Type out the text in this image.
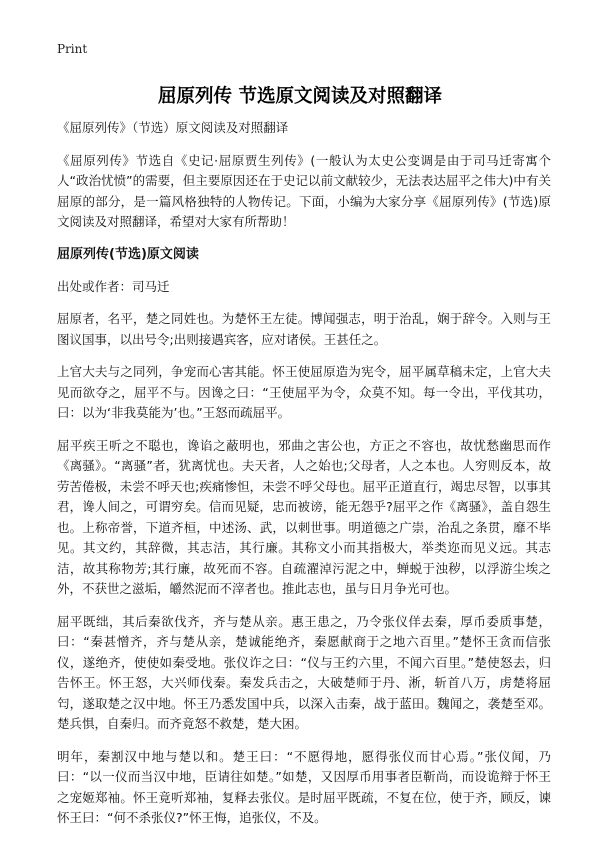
Print
屈原列传 节选原文阅读及对照翻译

《屈原列传》（节选）原文阅读及对照翻译

《屈原列传》节选自《史记·屈原贾生列传》(一般认为太史公变调是由于司马迁寄寓个人“政治忧愤”的需要，但主要原因还在于史记以前文献较少，无法表达屈平之伟大)中有关屈原的部分，是一篇风格独特的人物传记。下面，小编为大家分享《屈原列传》(节选)原文阅读及对照翻译，希望对大家有所帮助！

屈原列传(节选)原文阅读

出处或作者：司马迁

屈原者，名平，楚之同姓也。为楚怀王左徒。博闻强志，明于治乱，娴于辞令。入则与王图议国事，以出号令;出则接遇宾客，应对诸侯。王甚任之。

上官大夫与之同列，争宠而心害其能。怀王使屈原造为宪令，屈平属草稿未定，上官大夫见而欲夺之，屈平不与。因谗之曰：“王使屈平为令，众莫不知。每一令出，平伐其功，曰：以为‘非我莫能为’也。”王怒而疏屈平。

屈平疾王听之不聪也，谗谄之蔽明也，邪曲之害公也，方正之不容也，故忧愁幽思而作《离骚》。“离骚”者，犹离忧也。夫天者，人之始也;父母者，人之本也。人穷则反本，故劳苦倦极，未尝不呼天也;疾痛惨怛，未尝不呼父母也。屈平正道直行，竭忠尽智，以事其君，谗人间之，可谓穷矣。信而见疑，忠而被谤，能无怨乎?屈平之作《离骚》，盖自怨生也。上称帝誉，下道齐桓，中述汤、武，以刺世事。明道德之广崇，治乱之条贯，靡不毕见。其文约，其辞微，其志洁，其行廉。其称文小而其指极大，举类迩而见义远。其志洁，故其称物芳;其行廉，故死而不容。自疏濯淖污泥之中，蝉蜕于浊秽，以浮游尘埃之外，不获世之滋垢，皭然泥而不滓者也。推此志也，虽与日月争光可也。

屈平既绌，其后秦欲伐齐，齐与楚从亲。惠王患之，乃令张仪佯去秦，厚币委质事楚，曰：“秦甚憎齐，齐与楚从亲，楚诚能绝齐，秦愿献商于之地六百里。”楚怀王贪而信张仪，遂绝齐，使使如秦受地。张仪诈之曰：“仪与王约六里，不闻六百里。”楚使怒去，归告怀王。怀王怒，大兴师伐秦。秦发兵击之，大破楚师于丹、淅，斩首八万，虏楚将屈匄，遂取楚之汉中地。怀王乃悉发国中兵，以深入击秦，战于蓝田。魏闻之，袭楚至邓。楚兵惧，自秦归。而齐竟怒不救楚，楚大困。

明年，秦割汉中地与楚以和。楚王曰：“不愿得地，愿得张仪而甘心焉。”张仪闻，乃曰：“以一仪而当汉中地，臣请往如楚。”如楚，又因厚币用事者臣靳尚，而设诡辩于怀王之宠姬郑袖。怀王竟听郑袖，复释去张仪。是时屈平既疏，不复在位，使于齐，顾反，谏怀王曰：“何不杀张仪?”怀王悔，追张仪，不及。
